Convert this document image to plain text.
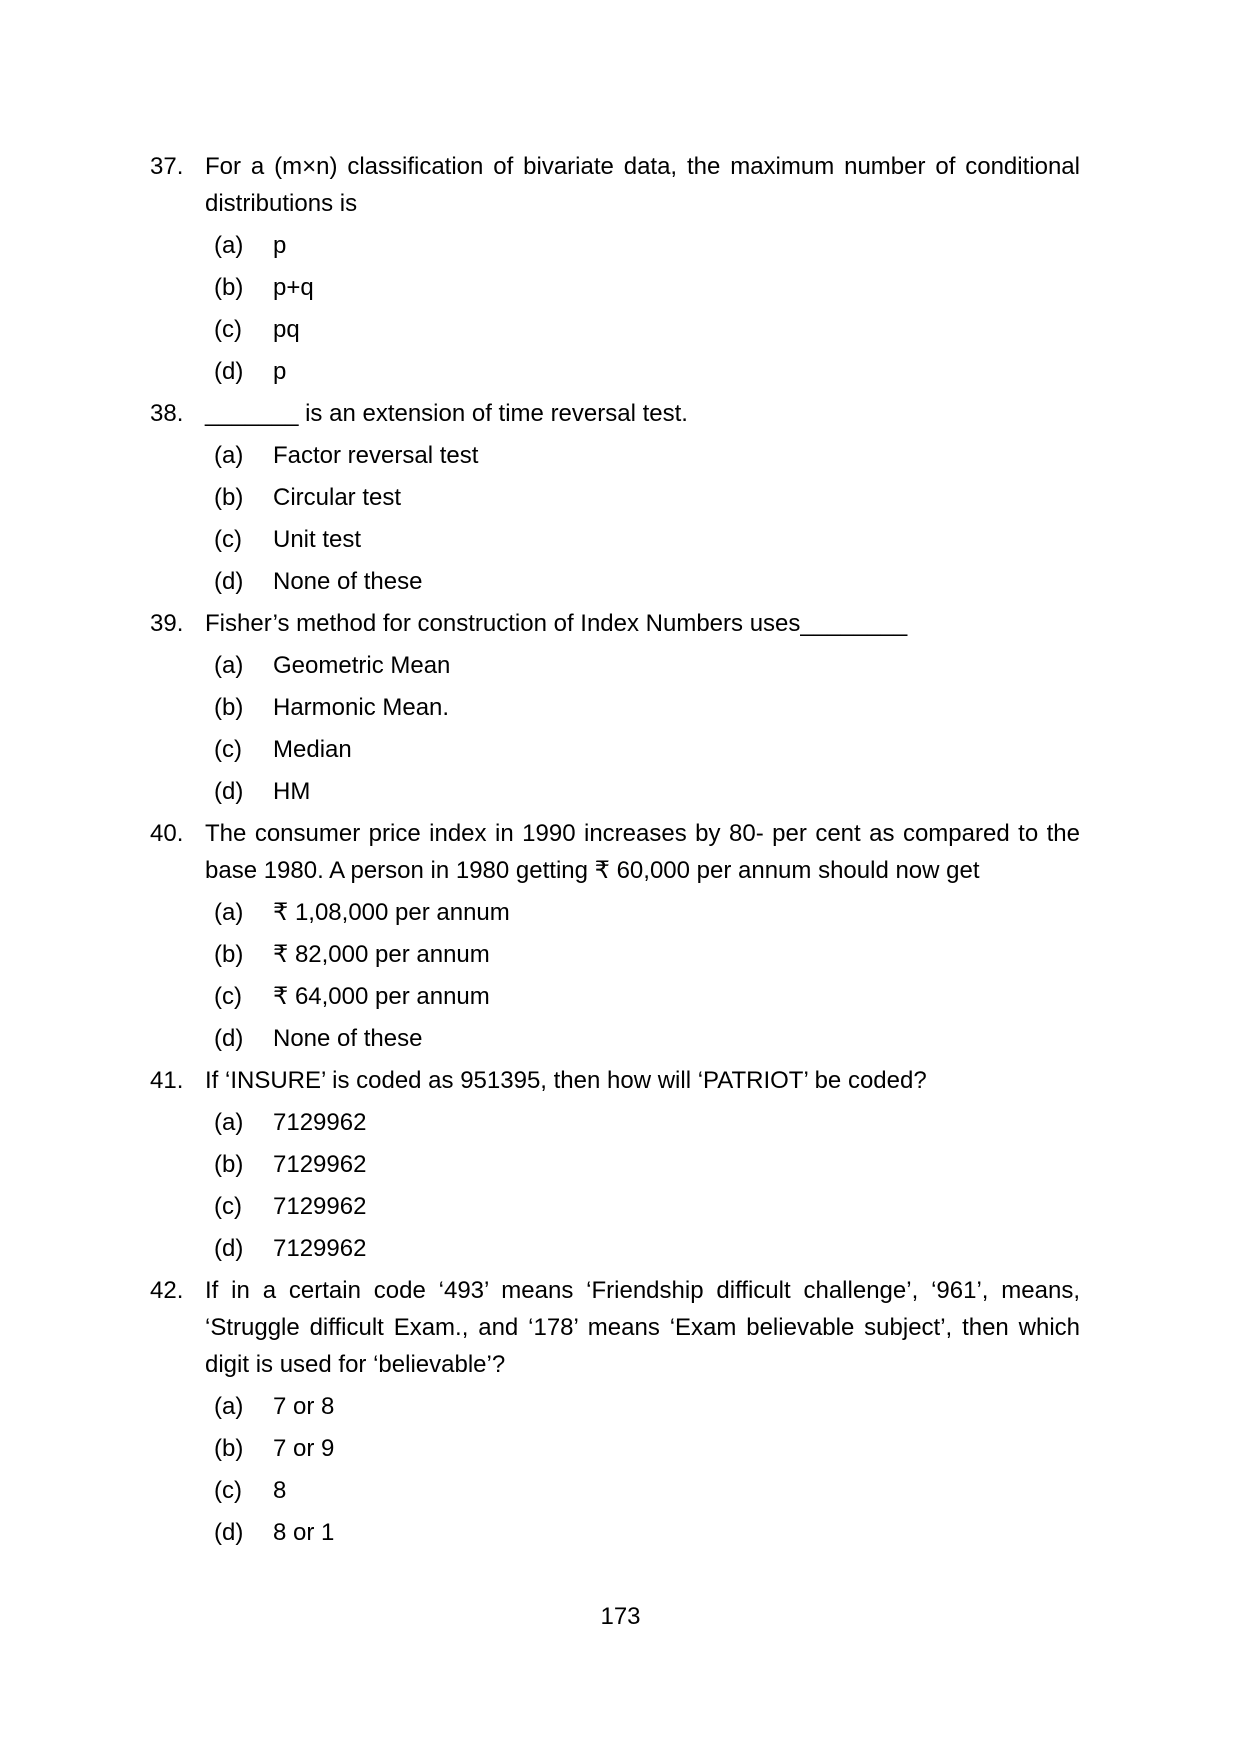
37. For a (m×n) classification of bivariate data, the maximum number of conditional distributions is
(a)	p
(b)	p+q
(c)	pq
(d)	p
38. _______ is an extension of time reversal test.
(a)	Factor reversal test
(b)	Circular test
(c)	Unit test
(d)	None of these
39. Fisher’s method for construction of Index Numbers uses________
(a)	Geometric Mean
(b)	Harmonic Mean.
(c)	Median
(d)	HM
40. The consumer price index in 1990 increases by 80- per cent as compared to the base 1980. A person in 1980 getting ₹ 60,000 per annum should now get
(a)	₹ 1,08,000 per annum
(b)	₹ 82,000 per annum
(c)	₹ 64,000 per annum
(d)	None of these
41. If ‘INSURE’ is coded as 951395, then how will ‘PATRIOT’ be coded?
(a)	7129962
(b)	7129962
(c)	7129962
(d)	7129962
42. If in a certain code ‘493’ means ‘Friendship difficult challenge’, ‘961’, means, ‘Struggle difficult Exam., and ‘178’ means ‘Exam believable subject’, then which digit is used for ‘believable’?
(a)	7 or 8
(b)	7 or 9
(c)	8
(d)	8 or 1
173
